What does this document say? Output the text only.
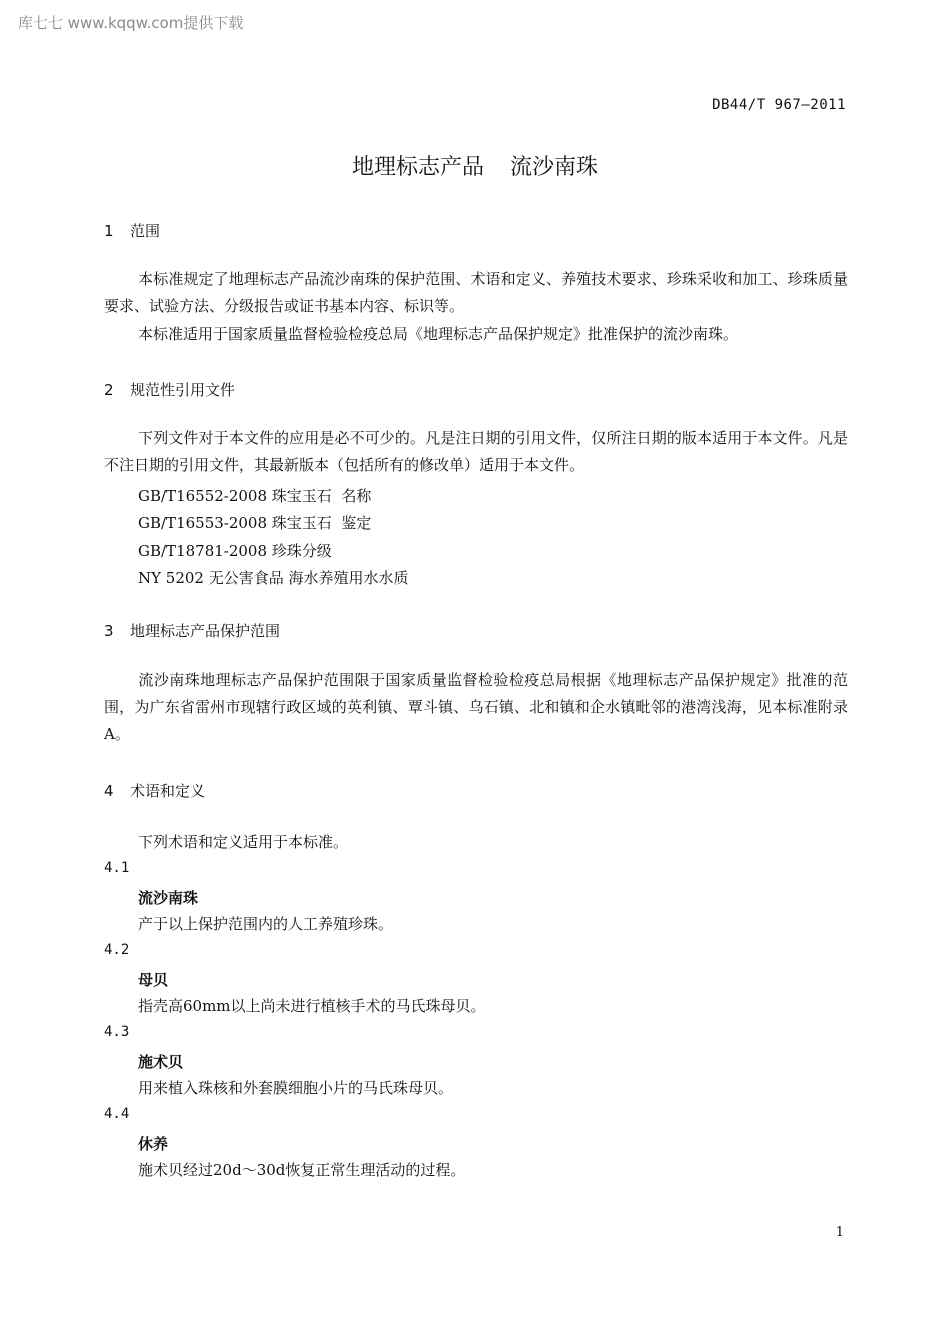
库七七 www.kqqw.com提供下载
DB44/T 967—2011
地理标志产品 流沙南珠
1 范围
本标准规定了地理标志产品流沙南珠的保护范围、术语和定义、养殖技术要求、珍珠采收和加工、珍珠质量要求、试验方法、分级报告或证书基本内容、标识等。
本标准适用于国家质量监督检验检疫总局《地理标志产品保护规定》批准保护的流沙南珠。
2 规范性引用文件
下列文件对于本文件的应用是必不可少的。凡是注日期的引用文件，仅所注日期的版本适用于本文件。凡是不注日期的引用文件，其最新版本（包括所有的修改单）适用于本文件。
GB/T16552-2008 珠宝玉石  名称
GB/T16553-2008 珠宝玉石  鉴定
GB/T18781-2008 珍珠分级
NY 5202 无公害食品 海水养殖用水水质
3 地理标志产品保护范围
流沙南珠地理标志产品保护范围限于国家质量监督检验检疫总局根据《地理标志产品保护规定》批准的范围，为广东省雷州市现辖行政区域的英利镇、覃斗镇、乌石镇、北和镇和企水镇毗邻的港湾浅海，见本标准附录A。
4 术语和定义
下列术语和定义适用于本标准。
4.1
流沙南珠
产于以上保护范围内的人工养殖珍珠。
4.2
母贝
指壳高60mm以上尚未进行植核手术的马氏珠母贝。
4.3
施术贝
用来植入珠核和外套膜细胞小片的马氏珠母贝。
4.4
休养
施术贝经过20d～30d恢复正常生理活动的过程。
1
